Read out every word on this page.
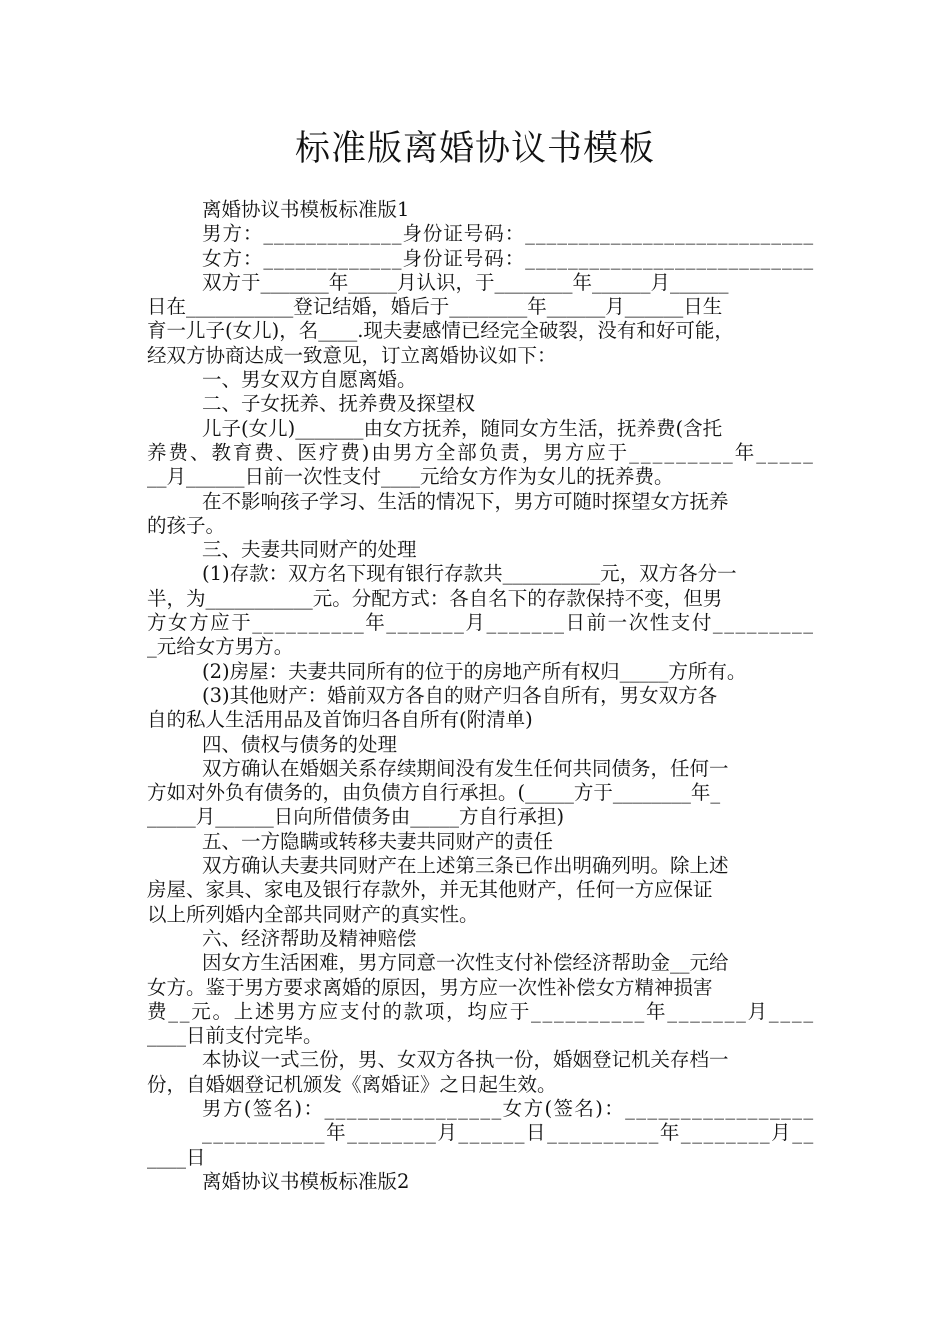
标准版离婚协议书模板
离婚协议书模板标准版1
男方：_____________身份证号码：___________________________
女方：_____________身份证号码：___________________________
双方于_______年_____月认识，于________年______月______
日在___________登记结婚，婚后于________年______月______日生
育一儿子(女儿)，名____.现夫妻感情已经完全破裂，没有和好可能，
经双方协商达成一致意见，订立离婚协议如下：
一、男女双方自愿离婚。
二、子女抚养、抚养费及探望权
儿子(女儿)_______由女方抚养，随同女方生活，抚养费(含托
养费、教育费、医疗费)由男方全部负责，男方应于_________年_____
__月______日前一次性支付____元给女方作为女儿的抚养费。
在不影响孩子学习、生活的情况下，男方可随时探望女方抚养
的孩子。
三、夫妻共同财产的处理
(1)存款：双方名下现有银行存款共__________元，双方各分一
半，为___________元。分配方式：各自名下的存款保持不变，但男
方女方应于__________年_______月_______日前一次性支付_________
_元给女方男方。
(2)房屋：夫妻共同所有的位于的房地产所有权归_____方所有。
(3)其他财产：婚前双方各自的财产归各自所有，男女双方各
自的私人生活用品及首饰归各自所有(附清单)
四、债权与债务的处理
双方确认在婚姻关系存续期间没有发生任何共同债务，任何一
方如对外负有债务的，由负债方自行承担。(_____方于________年_
_____月______日向所借债务由_____方自行承担)
五、一方隐瞒或转移夫妻共同财产的责任
双方确认夫妻共同财产在上述第三条已作出明确列明。除上述
房屋、家具、家电及银行存款外，并无其他财产，任何一方应保证
以上所列婚内全部共同财产的真实性。
六、经济帮助及精神赔偿
因女方生活困难，男方同意一次性支付补偿经济帮助金__元给
女方。鉴于男方要求离婚的原因，男方应一次性补偿女方精神损害
费__元。上述男方应支付的款项，均应于__________年_______月____
____日前支付完毕。
本协议一式三份，男、女双方各执一份，婚姻登记机关存档一
份，自婚姻登记机颁发《离婚证》之日起生效。
男方(签名)：________________女方(签名)：_________________
___________年________月______日__________年________月__
____日
离婚协议书模板标准版2
